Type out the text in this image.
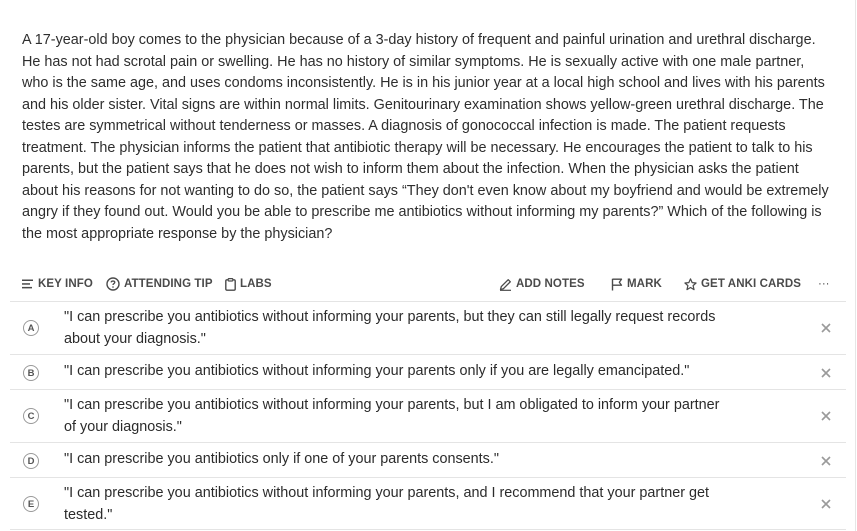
A 17-year-old boy comes to the physician because of a 3-day history of frequent and painful urination and urethral discharge. He has not had scrotal pain or swelling. He has no history of similar symptoms. He is sexually active with one male partner, who is the same age, and uses condoms inconsistently. He is in his junior year at a local high school and lives with his parents and his older sister. Vital signs are within normal limits. Genitourinary examination shows yellow-green urethral discharge. The testes are symmetrical without tenderness or masses. A diagnosis of gonococcal infection is made. The patient requests treatment. The physician informs the patient that antibiotic therapy will be necessary. He encourages the patient to talk to his parents, but the patient says that he does not wish to inform them about the infection. When the physician asks the patient about his reasons for not wanting to do so, the patient says “They don't even know about my boyfriend and would be extremely angry if they found out. Would you be able to prescribe me antibiotics without informing my parents?” Which of the following is the most appropriate response by the physician?
KEY INFO	ATTENDING TIP LABS	ADD NOTES	MARK	GET ANKI CARDS ···
A
"I can prescribe you antibiotics without informing your parents, but they can still legally request records about your diagnosis."
B	"I can prescribe you antibiotics without informing your parents only if you are legally emancipated."
C
"I can prescribe you antibiotics without informing your parents, but I am obligated to inform your partner of your diagnosis."
D	"I can prescribe you antibiotics only if one of your parents consents."
E
"I can prescribe you antibiotics without informing your parents, and I recommend that your partner get tested."
